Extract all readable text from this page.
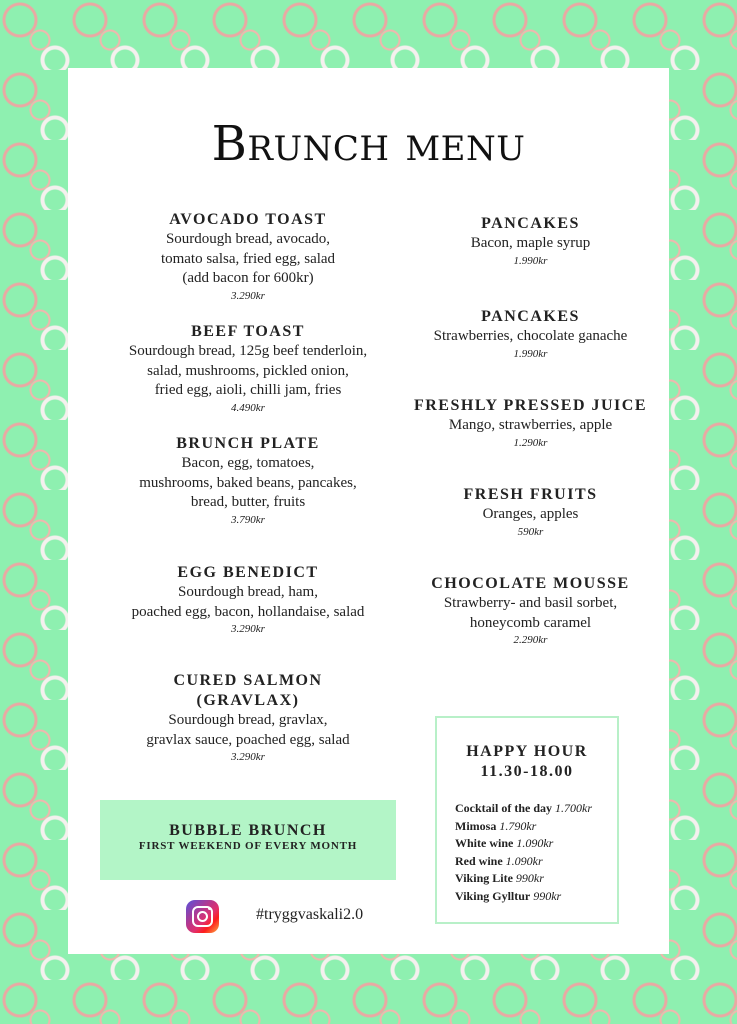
Brunch menu
AVOCADO TOAST
Sourdough bread, avocado,
tomato salsa, fried egg, salad
(add bacon for 600kr)
3.290kr
BEEF TOAST
Sourdough bread, 125g beef tenderloin,
salad, mushrooms, pickled onion,
fried egg, aioli, chilli jam, fries
4.490kr
BRUNCH PLATE
Bacon, egg, tomatoes,
mushrooms, baked beans, pancakes,
bread, butter, fruits
3.790kr
EGG BENEDICT
Sourdough bread, ham,
poached egg, bacon, hollandaise, salad
3.290kr
CURED SALMON
(GRAVLAX)
Sourdough bread, gravlax,
gravlax sauce, poached egg, salad
3.290kr
PANCAKES
Bacon, maple syrup
1.990kr
PANCAKES
Strawberries, chocolate ganache
1.990kr
FRESHLY PRESSED JUICE
Mango, strawberries, apple
1.290kr
FRESH FRUITS
Oranges, apples
590kr
CHOCOLATE MOUSSE
Strawberry- and basil sorbet,
honeycomb caramel
2.290kr
BUBBLE BRUNCH
FIRST WEEKEND OF EVERY MONTH
HAPPY HOUR
11.30-18.00
Cocktail of the day 1.700kr
Mimosa 1.790kr
White wine 1.090kr
Red wine 1.090kr
Viking Lite 990kr
Viking Gylltur 990kr
#tryggvaskali2.0
